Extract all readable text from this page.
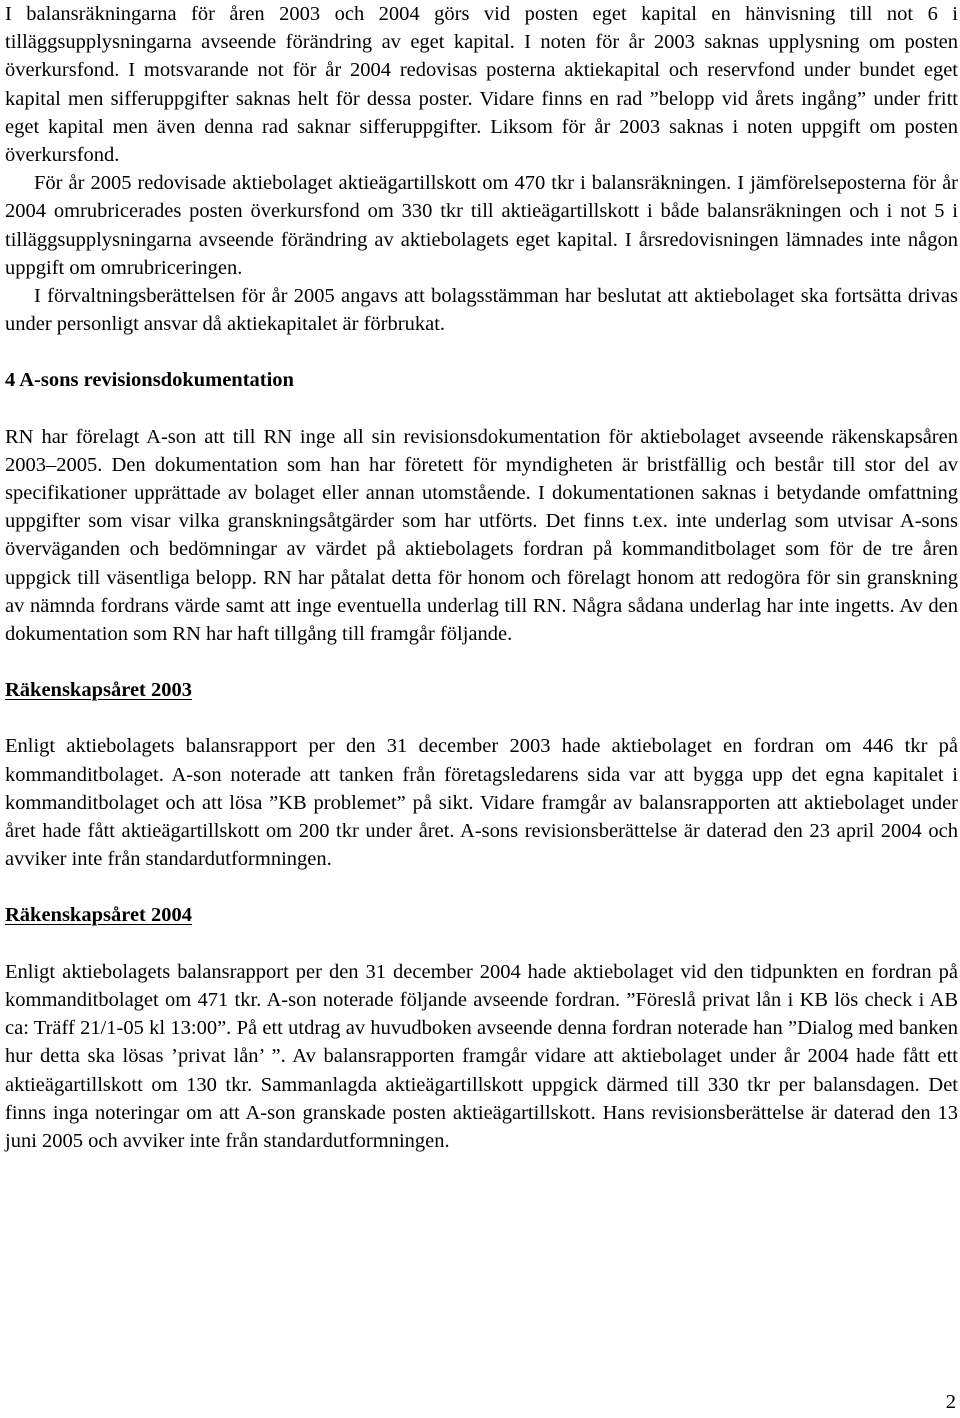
I balansräkningarna för åren 2003 och 2004 görs vid posten eget kapital en hänvisning till not 6 i tilläggsupplysningarna avseende förändring av eget kapital. I noten för år 2003 saknas upplysning om posten överkursfond. I motsvarande not för år 2004 redovisas posterna aktiekapital och reservfond under bundet eget kapital men sifferuppgifter saknas helt för dessa poster. Vidare finns en rad ”belopp vid årets ingång” under fritt eget kapital men även denna rad saknar sifferuppgifter. Liksom för år 2003 saknas i noten uppgift om posten överkursfond.

För år 2005 redovisade aktiebolaget aktieägartillskott om 470 tkr i balansräkningen. I jämförelseposterna för år 2004 omrubricerades posten överkursfond om 330 tkr till aktieägartillskott i både balansräkningen och i not 5 i tilläggsupplysningarna avseende förändring av aktiebolagets eget kapital. I årsredovisningen lämnades inte någon uppgift om omrubriceringen.

I förvaltningsberättelsen för år 2005 angavs att bolagsstämman har beslutat att aktiebolaget ska fortsätta drivas under personligt ansvar då aktiekapitalet är förbrukat.

4 A-sons revisionsdokumentation

RN har förelagt A-son att till RN inge all sin revisionsdokumentation för aktiebolaget avseende räkenskapsåren 2003–2005. Den dokumentation som han har företett för myndigheten är bristfällig och består till stor del av specifikationer upprättade av bolaget eller annan utomstående. I dokumentationen saknas i betydande omfattning uppgifter som visar vilka granskningsåtgärder som har utförts. Det finns t.ex. inte underlag som utvisar A-sons överväganden och bedömningar av värdet på aktiebolagets fordran på kommanditbolaget som för de tre åren uppgick till väsentliga belopp. RN har påtalat detta för honom och förelagt honom att redogöra för sin granskning av nämnda fordrans värde samt att inge eventuella underlag till RN. Några sådana underlag har inte ingetts. Av den dokumentation som RN har haft tillgång till framgår följande.

Räkenskapsåret 2003

Enligt aktiebolagets balansrapport per den 31 december 2003 hade aktiebolaget en fordran om 446 tkr på kommanditbolaget. A-son noterade att tanken från företagsledarens sida var att bygga upp det egna kapitalet i kommanditbolaget och att lösa ”KB problemet” på sikt. Vidare framgår av balansrapporten att aktiebolaget under året hade fått aktieägartillskott om 200 tkr under året. A-sons revisionsberättelse är daterad den 23 april 2004 och avviker inte från standardutformningen.

Räkenskapsåret 2004

Enligt aktiebolagets balansrapport per den 31 december 2004 hade aktiebolaget vid den tidpunkten en fordran på kommanditbolaget om 471 tkr. A-son noterade följande avseende fordran. ”Föreslå privat lån i KB lös check i AB ca: Träff 21/1-05 kl 13:00”. På ett utdrag av huvudboken avseende denna fordran noterade han ”Dialog med banken hur detta ska lösas ’privat lån’ ”. Av balansrapporten framgår vidare att aktiebolaget under år 2004 hade fått ett aktieägartillskott om 130 tkr. Sammanlagda aktieägartillskott uppgick därmed till 330 tkr per balansdagen. Det finns inga noteringar om att A-son granskade posten aktieägartillskott. Hans revisionsberättelse är daterad den 13 juni 2005 och avviker inte från standardutformningen.

2
